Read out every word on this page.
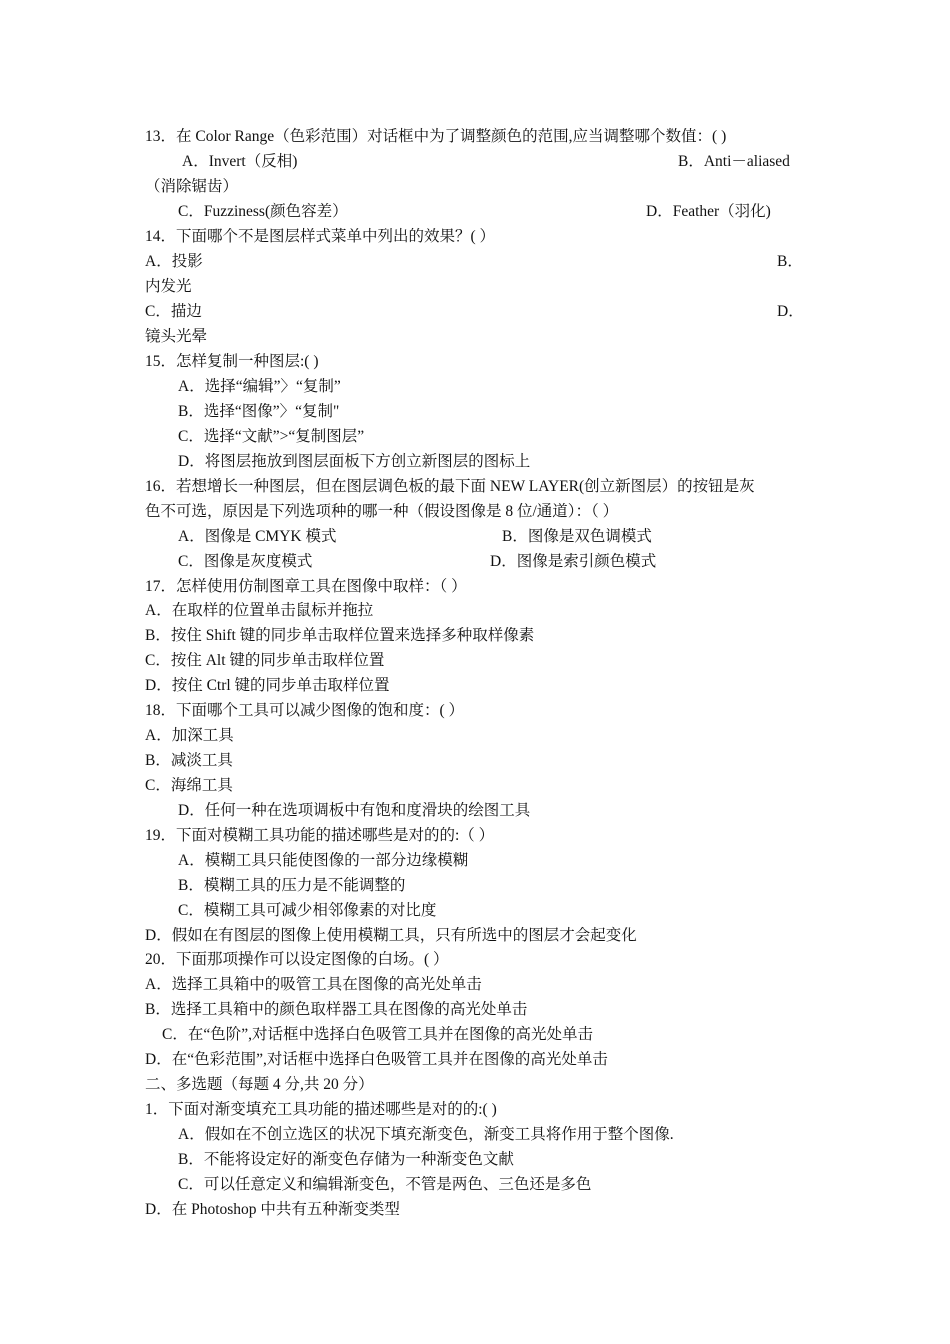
13．在 Color Range（色彩范围）对话框中为了调整颜色的范围,应当调整哪个数值：( )
A．Invert（反相)	B．Anti－aliased
（消除锯齿）
C．Fuzziness(颜色容差）	D．Feather（羽化)
14．下面哪个不是图层样式菜单中列出的效果？( ）
A．投影	B．
内发光
C．描边	D．
镜头光晕
15．怎样复制一种图层:( )
A．选择“编辑”〉“复制”
B．选择“图像”〉“复制"
C．选择“文献”>“复制图层”
D．将图层拖放到图层面板下方创立新图层的图标上
16．若想增长一种图层，但在图层调色板的最下面 NEW LAYER(创立新图层）的按钮是灰
色不可选，原因是下列选项种的哪一种（假设图像是 8 位/通道）：（ ）
A．图像是 CMYK 模式	B．图像是双色调模式
C．图像是灰度模式	D．图像是索引颜色模式
17．怎样使用仿制图章工具在图像中取样：（ ）
A．在取样的位置单击鼠标并拖拉
B．按住 Shift 键的同步单击取样位置来选择多种取样像素
C．按住 Alt 键的同步单击取样位置
D．按住 Ctrl 键的同步单击取样位置
18．下面哪个工具可以减少图像的饱和度：( ）
A．加深工具
B．减淡工具
C．海绵工具
D．任何一种在选项调板中有饱和度滑块的绘图工具
19．下面对模糊工具功能的描述哪些是对的的:（ ）
A．模糊工具只能使图像的一部分边缘模糊
B．模糊工具的压力是不能调整的
C．模糊工具可减少相邻像素的对比度
D．假如在有图层的图像上使用模糊工具，只有所选中的图层才会起变化
20．下面那项操作可以设定图像的白场。( ）
A．选择工具箱中的吸管工具在图像的高光处单击
B．选择工具箱中的颜色取样器工具在图像的高光处单击
C．在“色阶”,对话框中选择白色吸管工具并在图像的高光处单击
D．在“色彩范围”,对话框中选择白色吸管工具并在图像的高光处单击
二、多选题（每题 4 分,共 20 分）
1．下面对渐变填充工具功能的描述哪些是对的的:( )
A．假如在不创立选区的状况下填充渐变色，渐变工具将作用于整个图像.
B．不能将设定好的渐变色存储为一种渐变色文献
C．可以任意定义和编辑渐变色，不管是两色、三色还是多色
D．在 Photoshop 中共有五种渐变类型
